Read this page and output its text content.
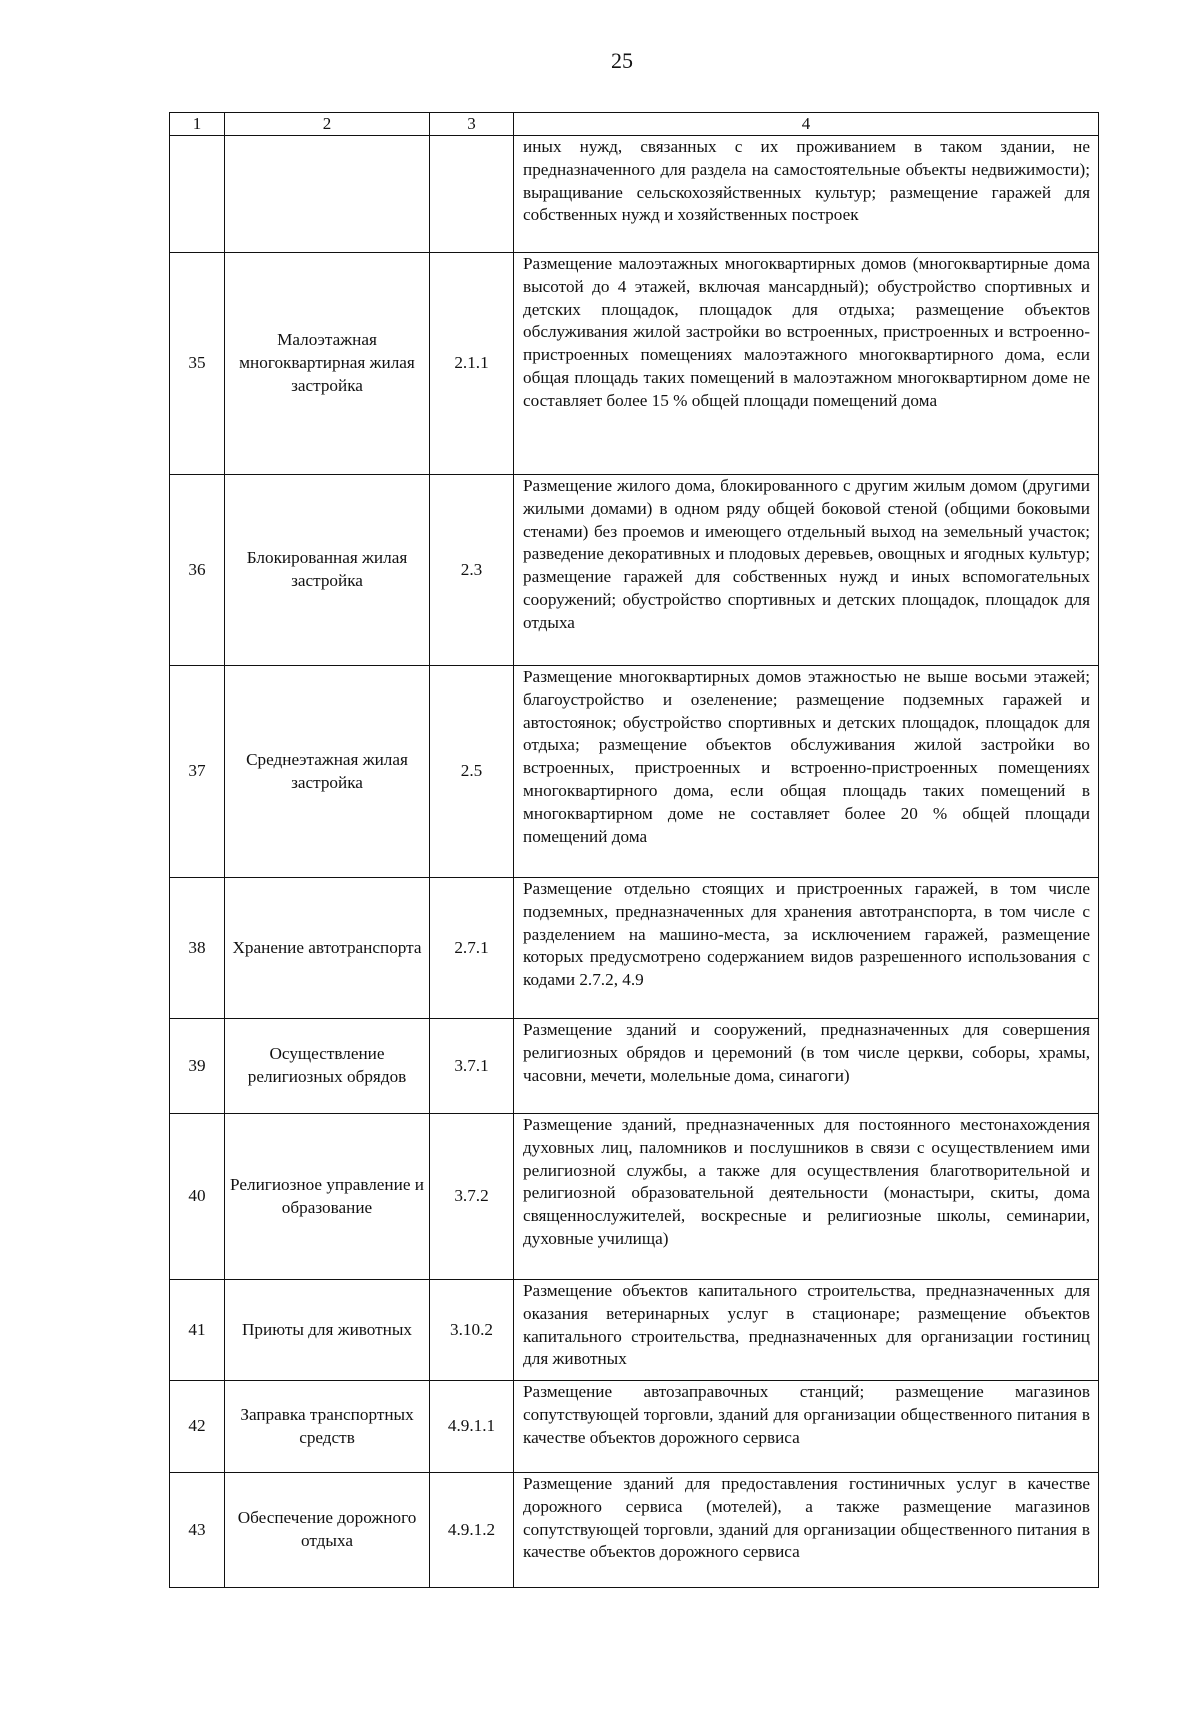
25
1	2	3	4

			иных нужд, связанных с их проживанием в таком здании, не предназначенного для раздела на самостоятельные объекты недвижимости); выращивание сельскохозяйственных культур; размещение гаражей для собственных нужд и хозяйственных построек

35	Малоэтажная многоквартирная жилая застройка	2.1.1	Размещение малоэтажных многоквартирных домов (многоквартирные дома высотой до 4 этажей, включая мансардный); обустройство спортивных и детских площадок, площадок для отдыха; размещение объектов обслуживания жилой застройки во встроенных, пристроенных и встроенно-пристроенных помещениях малоэтажного многоквартирного дома, если общая площадь таких помещений в малоэтажном многоквартирном доме не составляет более 15 % общей площади помещений дома

36	Блокированная жилая застройка	2.3	Размещение жилого дома, блокированного с другим жилым домом (другими жилыми домами) в одном ряду общей боковой стеной (общими боковыми стенами) без проемов и имеющего отдельный выход на земельный участок; разведение декоративных и плодовых деревьев, овощных и ягодных культур; размещение гаражей для собственных нужд и иных вспомогательных сооружений; обустройство спортивных и детских площадок, площадок для отдыха

37	Среднеэтажная жилая застройка	2.5	Размещение многоквартирных домов этажностью не выше восьми этажей; благоустройство и озеленение; размещение подземных гаражей и автостоянок; обустройство спортивных и детских площадок, площадок для отдыха; размещение объектов обслуживания жилой застройки во встроенных, пристроенных и встроенно-пристроенных помещениях многоквартирного дома, если общая площадь таких помещений в многоквартирном доме не составляет более 20 % общей площади помещений дома

38	Хранение автотранспорта	2.7.1	Размещение отдельно стоящих и пристроенных гаражей, в том числе подземных, предназначенных для хранения автотранспорта, в том числе с разделением на машино-места, за исключением гаражей, размещение которых предусмотрено содержанием видов разрешенного использования с кодами 2.7.2, 4.9

39	Осуществление религиозных обрядов	3.7.1	Размещение зданий и сооружений, предназначенных для совершения религиозных обрядов и церемоний (в том числе церкви, соборы, храмы, часовни, мечети, молельные дома, синагоги)

40	Религиозное управление и образование	3.7.2	Размещение зданий, предназначенных для постоянного местонахождения духовных лиц, паломников и послушников в связи с осуществлением ими религиозной службы, а также для осуществления благотворительной и религиозной образовательной деятельности (монастыри, скиты, дома священнослужителей, воскресные и религиозные школы, семинарии, духовные училища)

41	Приюты для животных	3.10.2	Размещение объектов капитального строительства, предназначенных для оказания ветеринарных услуг в стационаре; размещение объектов капитального строительства, предназначенных для организации гостиниц для животных

42	Заправка транспортных средств	4.9.1.1	Размещение автозаправочных станций; размещение магазинов сопутствующей торговли, зданий для организации общественного питания в качестве объектов дорожного сервиса

43	Обеспечение дорожного отдыха	4.9.1.2	Размещение зданий для предоставления гостиничных услуг в качестве дорожного сервиса (мотелей), а также размещение магазинов сопутствующей торговли, зданий для организации общественного питания в качестве объектов дорожного сервиса
